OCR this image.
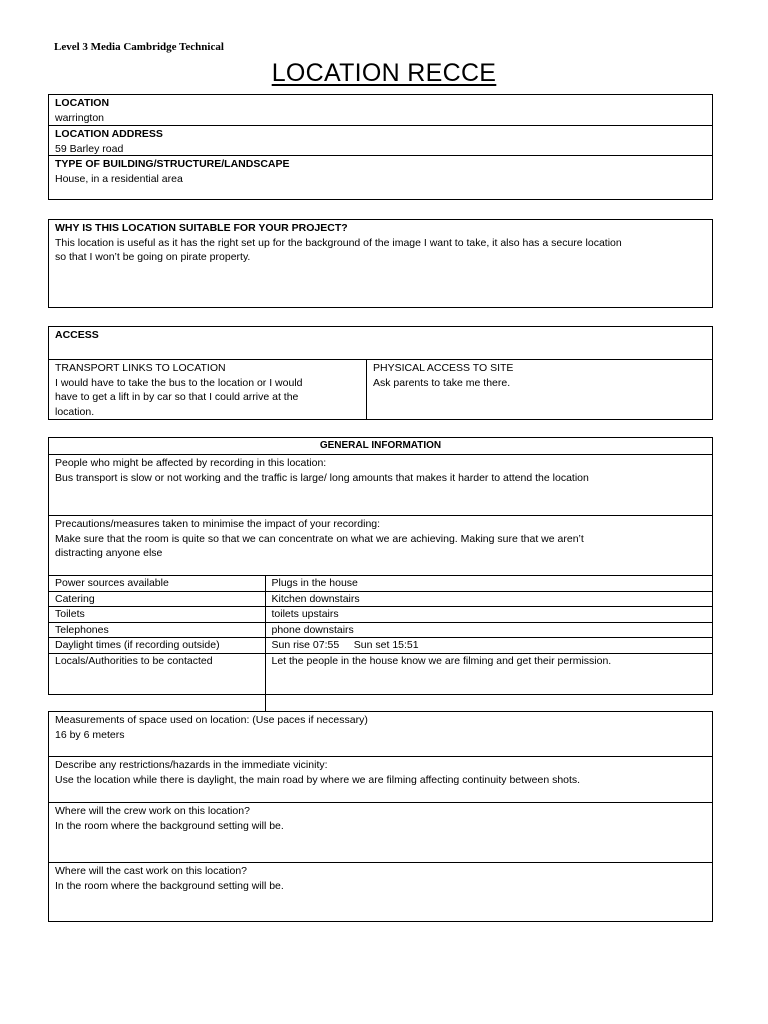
Level 3 Media Cambridge Technical
LOCATION RECCE
LOCATION
warrington
LOCATION ADDRESS
59 Barley road
TYPE OF BUILDING/STRUCTURE/LANDSCAPE
House, in a residential area
WHY IS THIS LOCATION SUITABLE FOR YOUR PROJECT?
This location is useful as it has the right set up for the background of the image I want to take, it also has a secure location
so that I won’t be going on pirate property.
ACCESS
TRANSPORT LINKS TO LOCATION
I would have to take the bus to the location or I would
have to get a lift in by car so that I could arrive at the
location.
PHYSICAL ACCESS TO SITE
Ask parents to take me there.
GENERAL INFORMATION
People who might be affected by recording in this location:
Bus transport is slow or not working and the traffic is large/ long amounts that makes it harder to attend the location
Precautions/measures taken to minimise the impact of your recording:
Make sure that the room is quite so that we can concentrate on what we are achieving. Making sure that we aren’t
distracting anyone else
Power sources available	Plugs in the house
Catering	Kitchen downstairs
Toilets	toilets upstairs
Telephones	phone downstairs
Daylight times (if recording outside)	Sun rise 07:55     Sun set 15:51
Locals/Authorities to be contacted	Let the people in the house know we are filming and get their permission.
Measurements of space used on location: (Use paces if necessary)
16 by 6 meters
Describe any restrictions/hazards in the immediate vicinity:
Use the location while there is daylight, the main road by where we are filming affecting continuity between shots.
Where will the crew work on this location?
In the room where the background setting will be.
Where will the cast work on this location?
In the room where the background setting will be.
